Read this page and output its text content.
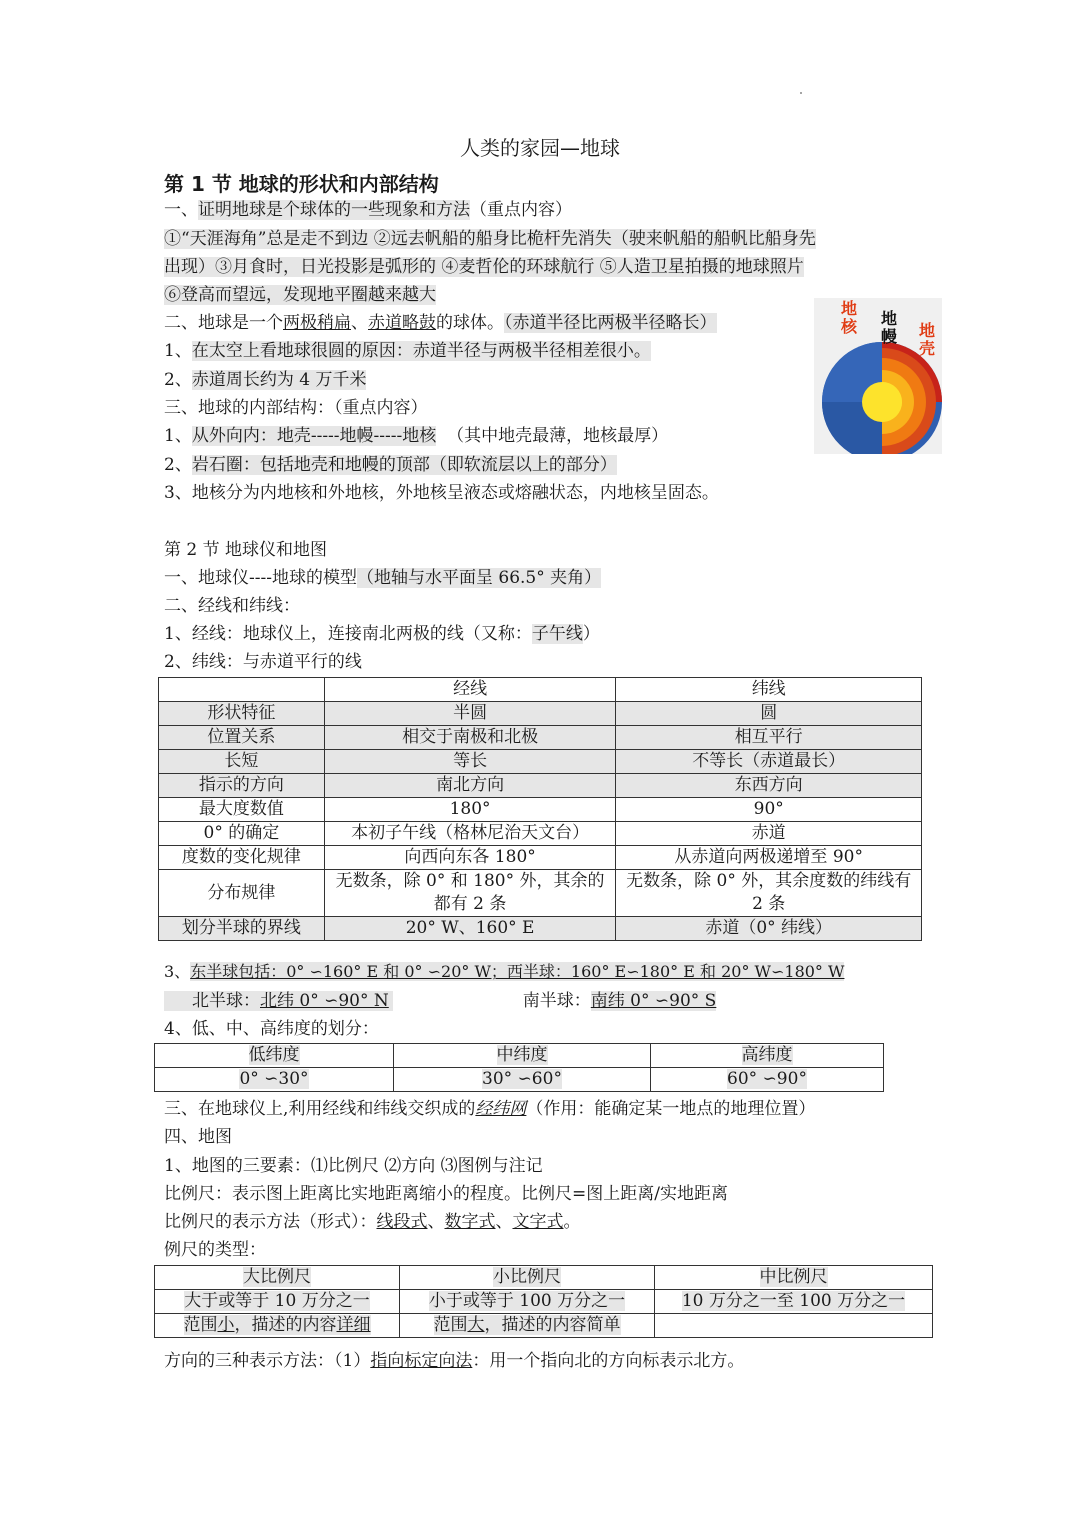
人类的家园—地球
第 1 节 地球的形状和内部结构
一、证明地球是个球体的一些现象和方法（重点内容）
①“天涯海角”总是走不到边 ②远去帆船的船身比桅杆先消失（驶来帆船的船帆比船身先
出现）③月食时，日光投影是弧形的 ④麦哲伦的环球航行 ⑤人造卫星拍摄的地球照片
⑥登高而望远，发现地平圈越来越大
二、地球是一个两极稍扁、赤道略鼓的球体。（赤道半径比两极半径略长）
1、在太空上看地球很圆的原因：赤道半径与两极半径相差很小。
2、赤道周长约为 4 万千米
三、地球的内部结构：（重点内容）
1、从外向内：地壳-----地幔-----地核 （其中地壳最薄，地核最厚）
2、岩石圈：包括地壳和地幔的顶部（即软流层以上的部分）
3、地核分为内地核和外地核，外地核呈液态或熔融状态，内地核呈固态。
地核 地幔 地壳
第 2 节 地球仪和地图
一、地球仪----地球的模型（地轴与水平面呈 66.5° 夹角）
二、经线和纬线：
1、经线：地球仪上，连接南北两极的线（又称：子午线）
2、纬线：与赤道平行的线
	经线	纬线
形状特征	半圆	圆
位置关系	相交于南极和北极	相互平行
长短	等长	不等长（赤道最长）
指示的方向	南北方向	东西方向
最大度数值	180°	90°
0° 的确定	本初子午线（格林尼治天文台）	赤道
度数的变化规律	向西向东各 180°	从赤道向两极递增至 90°
分布规律	无数条，除 0° 和 180° 外，其余的都有 2 条	无数条，除 0° 外，其余度数的纬线有 2 条
划分半球的界线	20° W、160° E	赤道（0° 纬线）
3、东半球包括：0° ∽160° E 和 0° ∽20° W；西半球：160° E∽180° E 和 20° W∽180° W
北半球：北纬 0° ∽90° N	南半球：南纬 0° ∽90° S
4、低、中、高纬度的划分：
低纬度	中纬度	高纬度
0° ∽30°	30° ∽60°	60° ∽90°
三、在地球仪上,利用经线和纬线交织成的经纬网（作用：能确定某一地点的地理位置）
四、地图
1、地图的三要素：⑴比例尺 ⑵方向 ⑶图例与注记
比例尺：表示图上距离比实地距离缩小的程度。比例尺=图上距离/实地距离
比例尺的表示方法（形式）：线段式、数字式、文字式。
例尺的类型：
大比例尺	小比例尺	中比例尺
大于或等于 10 万分之一	小于或等于 100 万分之一	10 万分之一至 100 万分之一
范围小，描述的内容详细	范围大，描述的内容简单	
方向的三种表示方法：（1）指向标定向法：用一个指向北的方向标表示北方。
